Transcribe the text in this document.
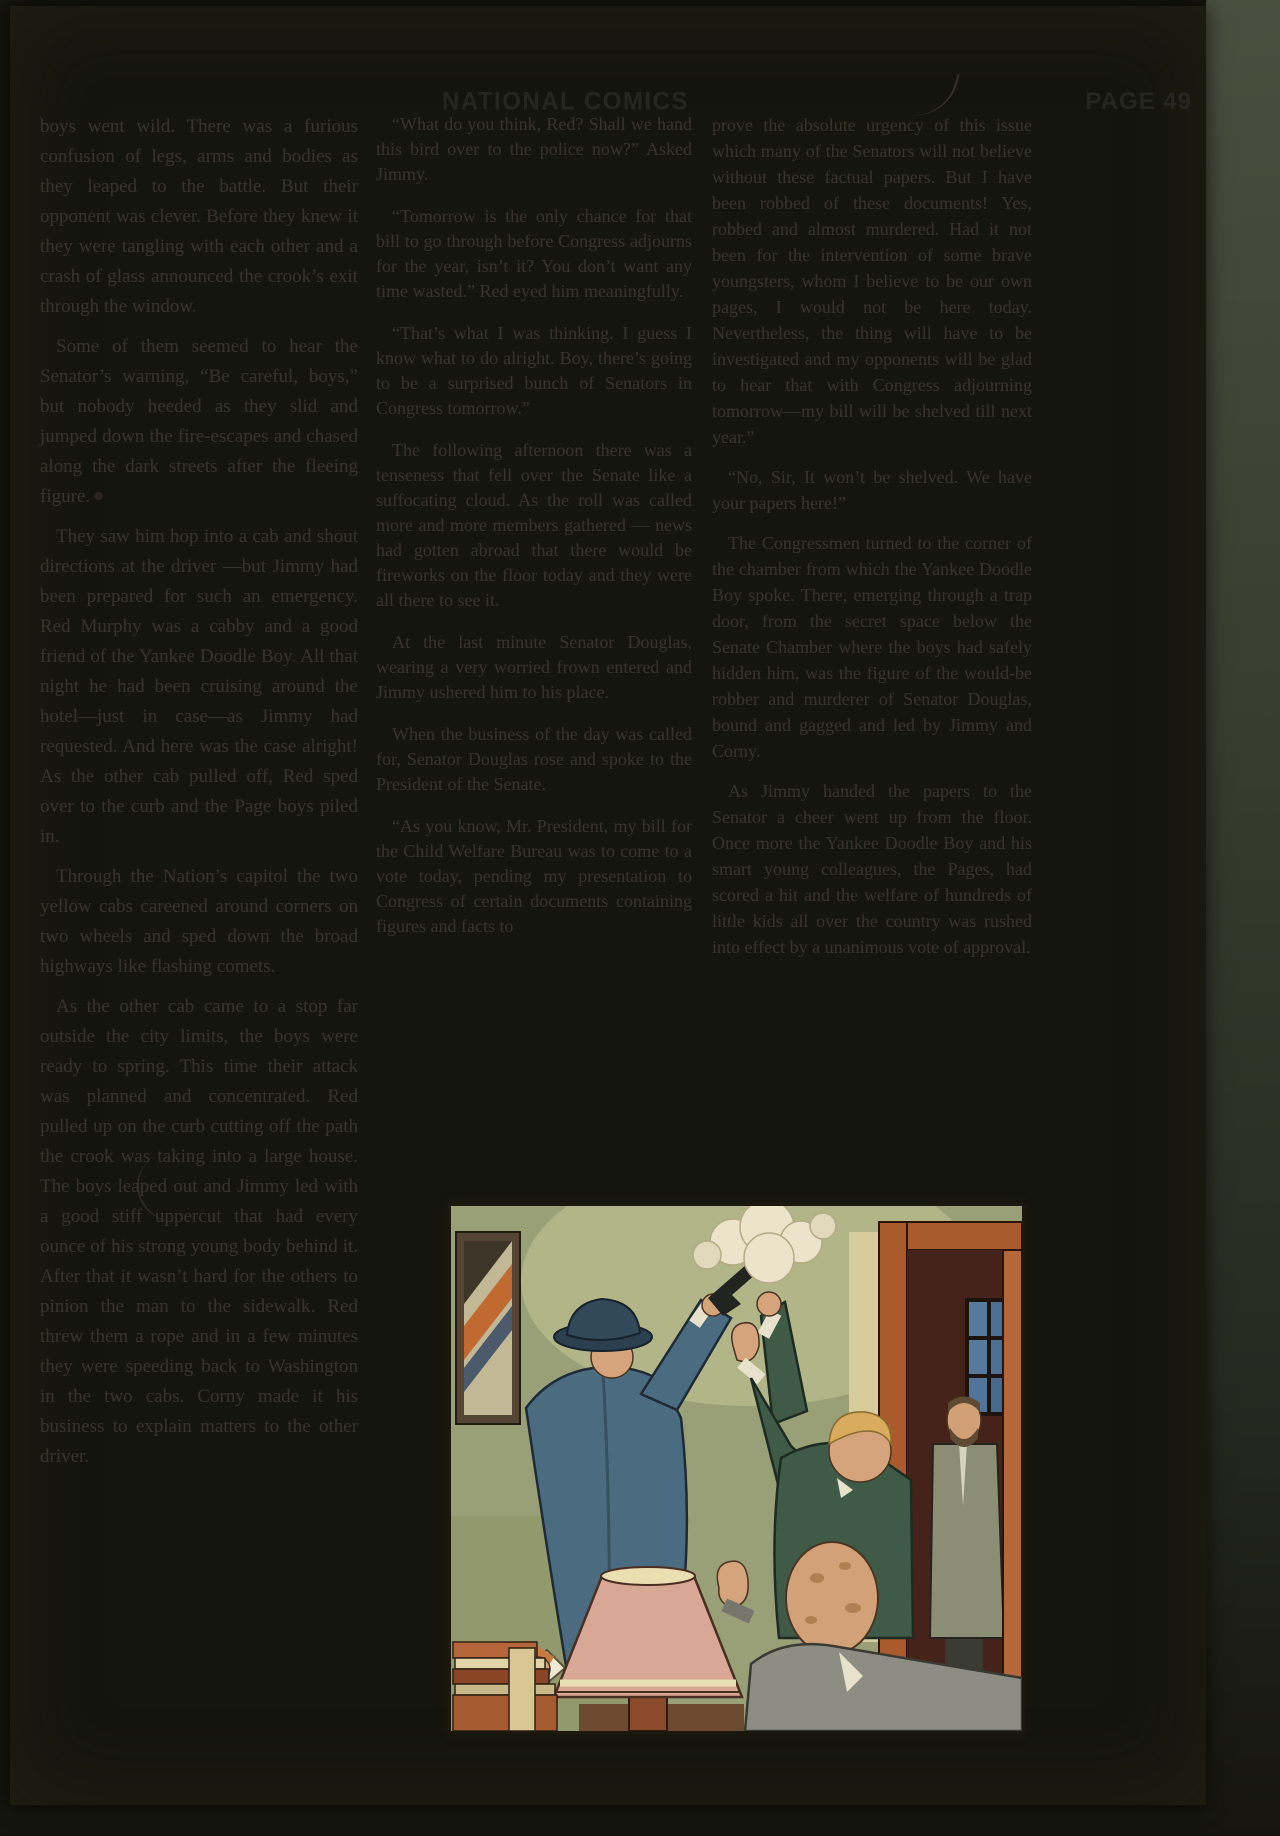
NATIONAL COMICS	PAGE 49

boys went wild. There was a furious confusion of legs, arms and bodies as they leaped to the battle. But their opponent was clever. Before they knew it they were tangling with each other and a crash of glass announced the crook’s exit through the window.

Some of them seemed to hear the Senator’s warning, “Be careful, boys,” but nobody heeded as they slid and jumped down the fire-escapes and chased along the dark streets after the fleeing figure.

They saw him hop into a cab and shout directions at the driver —but Jimmy had been prepared for such an emergency. Red Murphy was a cabby and a good friend of the Yankee Doodle Boy. All that night he had been cruising around the hotel—just in case—as Jimmy had requested. And here was the case alright! As the other cab pulled off, Red sped over to the curb and the Page boys piled in.

Through the Nation’s capitol the two yellow cabs careened around corners on two wheels and sped down the broad highways like flashing comets.

As the other cab came to a stop far outside the city limits, the boys were ready to spring. This time their attack was planned and concentrated. Red pulled up on the curb cutting off the path the crook was taking into a large house. The boys leaped out and Jimmy led with a good stiff uppercut that had every ounce of his strong young body behind it. After that it wasn’t hard for the others to pinion the man to the sidewalk. Red threw them a rope and in a few minutes they were speeding back to Washington in the two cabs. Corny made it his business to explain matters to the other driver.

“What do you think, Red? Shall we hand this bird over to the police now?” Asked Jimmy.

“Tomorrow is the only chance for that bill to go through before Congress adjourns for the year, isn’t it? You don’t want any time wasted.” Red eyed him meaningfully.

“That’s what I was thinking. I guess I know what to do alright. Boy, there’s going to be a surprised bunch of Senators in Congress tomorrow.”

The following afternoon there was a tenseness that fell over the Senate like a suffocating cloud. As the roll was called more and more members gathered — news had gotten abroad that there would be fireworks on the floor today and they were all there to see it.

At the last minute Senator Douglas, wearing a very worried frown entered and Jimmy ushered him to his place.

When the business of the day was called for, Senator Douglas rose and spoke to the President of the Senate.

“As you know, Mr. President, my bill for the Child Welfare Bureau was to come to a vote today, pending my presentation to Congress of certain documents containing figures and facts to

prove the absolute urgency of this issue which many of the Senators will not believe without these factual papers. But I have been robbed of these documents! Yes, robbed and almost murdered. Had it not been for the intervention of some brave youngsters, whom I believe to be our own pages, I would not be here today. Nevertheless, the thing will have to be investigated and my opponents will be glad to hear that with Congress adjourning tomorrow—my bill will be shelved till next year.”

“No, Sir, It won’t be shelved. We have your papers here!”

The Congressmen turned to the corner of the chamber from which the Yankee Doodle Boy spoke. There, emerging through a trap door, from the secret space below the Senate Chamber where the boys had safely hidden him, was the figure of the would-be robber and murderer of Senator Douglas, bound and gagged and led by Jimmy and Corny.

As Jimmy handed the papers to the Senator a cheer went up from the floor. Once more the Yankee Doodle Boy and his smart young colleagues, the Pages, had scored a hit and the welfare of hundreds of little kids all over the country was rushed into effect by a unanimous vote of approval.
